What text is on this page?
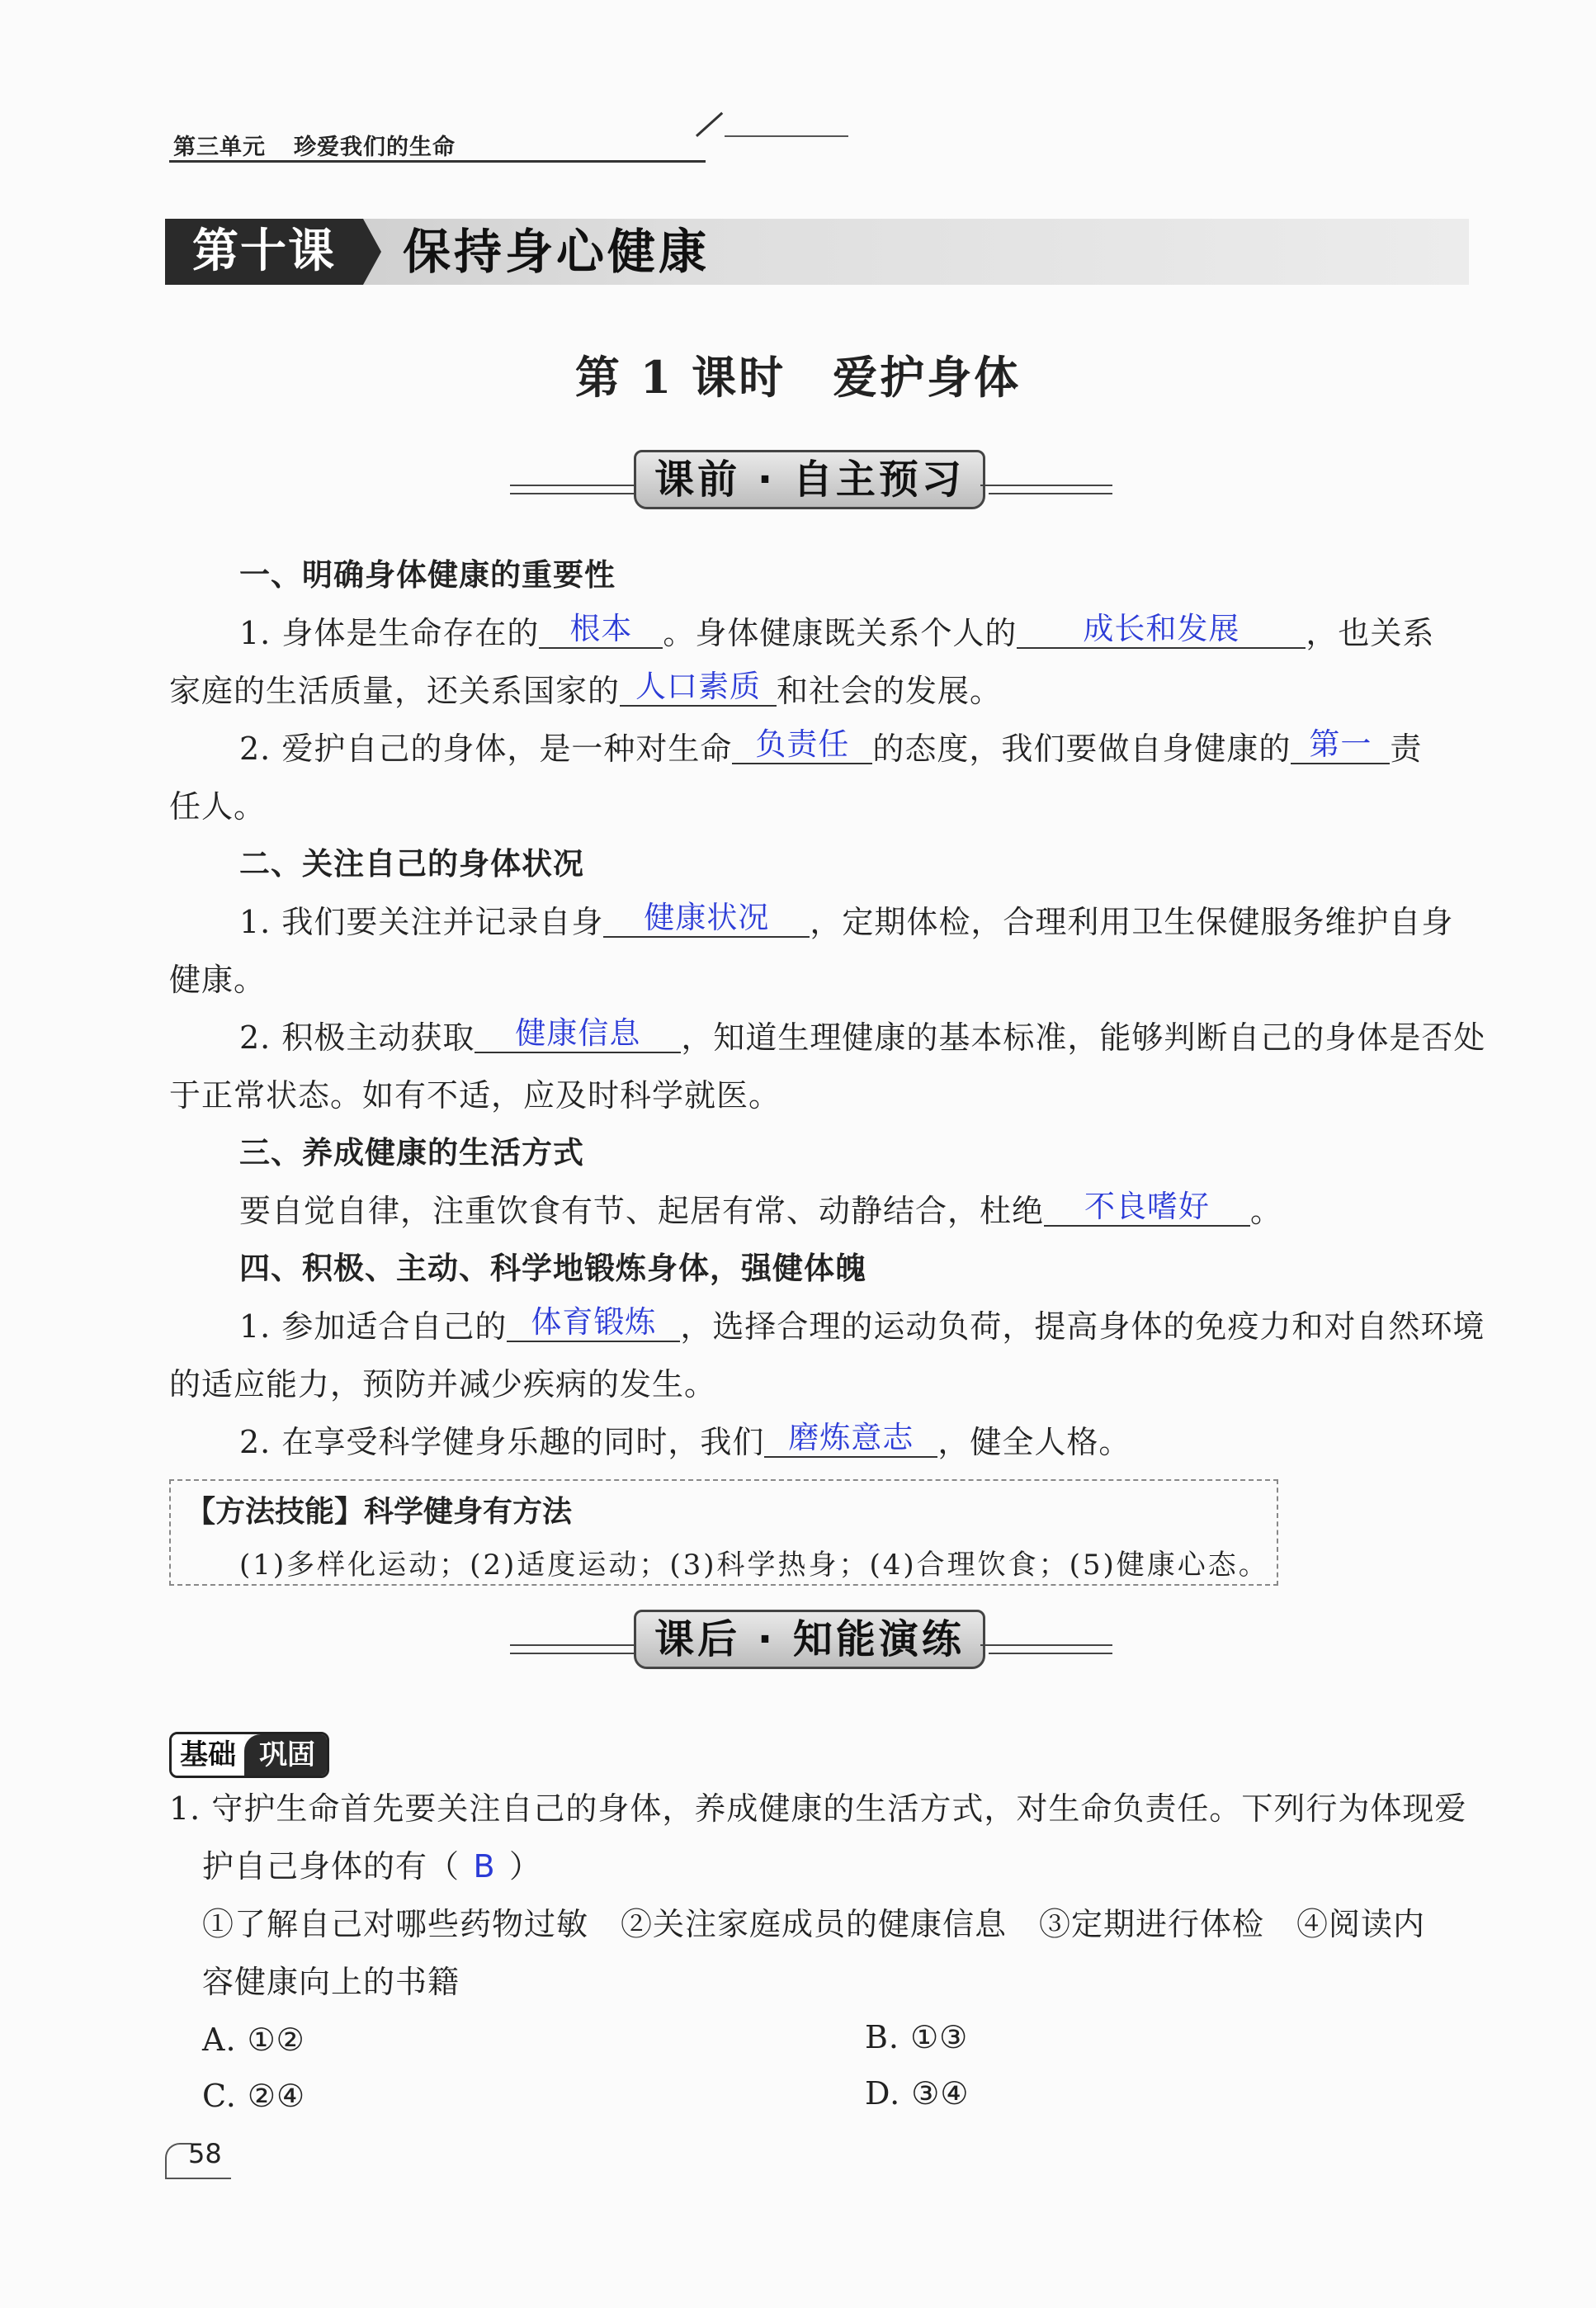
第三单元 珍爱我们的生命
第十课	保持身心健康
第 1 课时　爱护身体
课前 · 自主预习
一、明确身体健康的重要性
1. 身体是生命存在的 根本 。身体健康既关系个人的 成长和发展 ，也关系
家庭的生活质量，还关系国家的 人口素质 和社会的发展。
2. 爱护自己的身体，是一种对生命 负责任 的态度，我们要做自身健康的 第一 责
任人。
二、关注自己的身体状况
1. 我们要关注并记录自身 健康状况 ，定期体检，合理利用卫生保健服务维护自身
健康。
2. 积极主动获取 健康信息 ，知道生理健康的基本标准，能够判断自己的身体是否处
于正常状态。如有不适，应及时科学就医。
三、养成健康的生活方式
要自觉自律，注重饮食有节、起居有常、动静结合，杜绝 不良嗜好 。
四、积极、主动、科学地锻炼身体，强健体魄
1. 参加适合自己的 体育锻炼 ，选择合理的运动负荷，提高身体的免疫力和对自然环境
的适应能力，预防并减少疾病的发生。
2. 在享受科学健身乐趣的同时，我们 磨炼意志 ，健全人格。
【方法技能】科学健身有方法
(1)多样化运动；(2)适度运动；(3)科学热身；(4)合理饮食；(5)健康心态。
课后 · 知能演练
基础 巩固
1. 守护生命首先要关注自己的身体，养成健康的生活方式，对生命负责任。下列行为体现爱
护自己身体的有（ B ）
①了解自己对哪些药物过敏　②关注家庭成员的健康信息　③定期进行体检　④阅读内
容健康向上的书籍
A. ①②	B. ①③
C. ②④	D. ③④
58
